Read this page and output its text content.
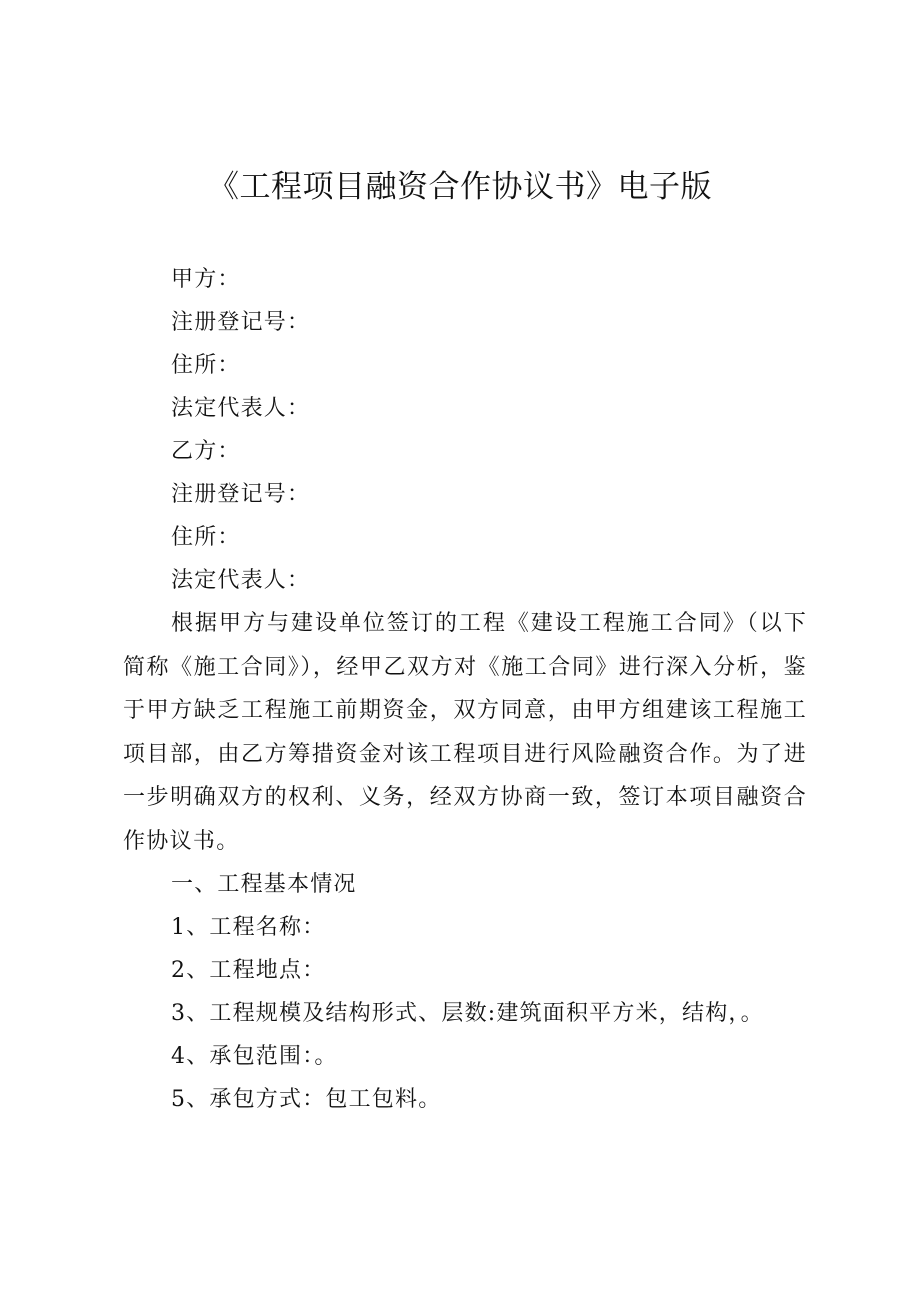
《工程项目融资合作协议书》电子版
甲方：
注册登记号：
住所：
法定代表人：
乙方：
注册登记号：
住所：
法定代表人：
根据甲方与建设单位签订的工程《建设工程施工合同》（以下简称《施工合同》），经甲乙双方对《施工合同》进行深入分析，鉴于甲方缺乏工程施工前期资金，双方同意，由甲方组建该工程施工项目部，由乙方筹措资金对该工程项目进行风险融资合作。为了进一步明确双方的权利、义务，经双方协商一致，签订本项目融资合作协议书。
一、工程基本情况
1、工程名称：
2、工程地点：
3、工程规模及结构形式、层数:建筑面积平方米，结构，。
4、承包范围：。
5、承包方式：包工包料。
